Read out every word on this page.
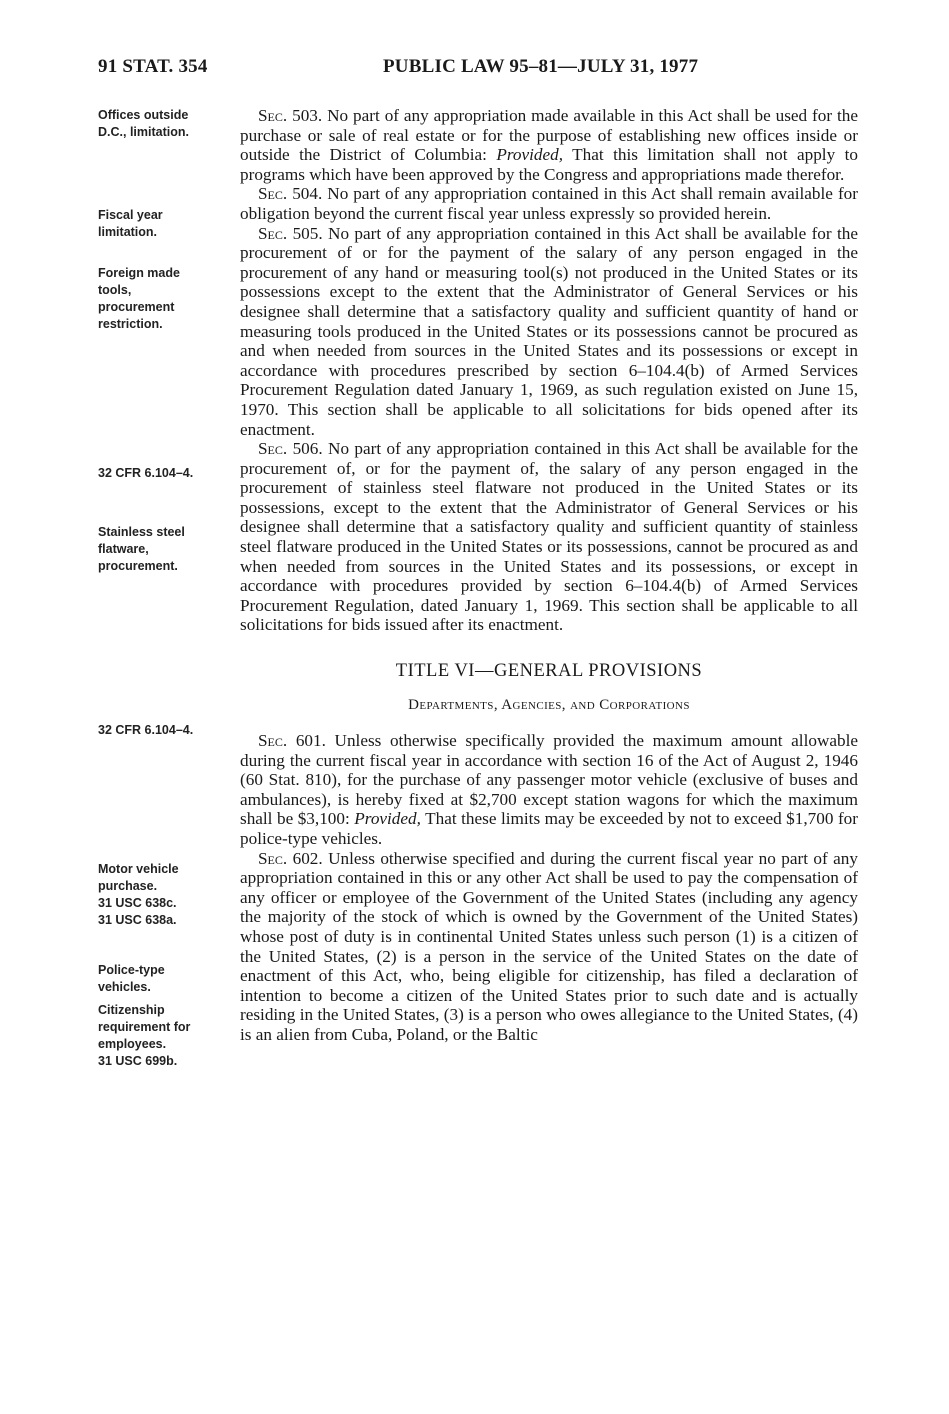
91 STAT. 354	PUBLIC LAW 95–81—JULY 31, 1977
Offices outside
D.C., limitation.
Fiscal year
limitation.
Foreign made
tools,
procurement
restriction.
32 CFR 6.104–4.
Stainless steel
flatware,
procurement.
32 CFR 6.104–4.
Motor vehicle
purchase.
31 USC 638c.
31 USC 638a.
Police-type
vehicles.
Citizenship
requirement for
employees.
31 USC 699b.

Sec. 503. No part of any appropriation made available in this Act shall be used for the purchase or sale of real estate or for the purpose of establishing new offices inside or outside the District of Columbia: Provided, That this limitation shall not apply to programs which have been approved by the Congress and appropriations made therefor.

Sec. 504. No part of any appropriation contained in this Act shall remain available for obligation beyond the current fiscal year unless expressly so provided herein.

Sec. 505. No part of any appropriation contained in this Act shall be available for the procurement of or for the payment of the salary of any person engaged in the procurement of any hand or measuring tool(s) not produced in the United States or its possessions except to the extent that the Administrator of General Services or his designee shall determine that a satisfactory quality and sufficient quantity of hand or measuring tools produced in the United States or its possessions cannot be procured as and when needed from sources in the United States and its possessions or except in accordance with procedures prescribed by section 6–104.4(b) of Armed Services Procurement Regulation dated January 1, 1969, as such regulation existed on June 15, 1970. This section shall be applicable to all solicitations for bids opened after its enactment.

Sec. 506. No part of any appropriation contained in this Act shall be available for the procurement of, or for the payment of, the salary of any person engaged in the procurement of stainless steel flatware not produced in the United States or its possessions, except to the extent that the Administrator of General Services or his designee shall determine that a satisfactory quality and sufficient quantity of stainless steel flatware produced in the United States or its possessions, cannot be procured as and when needed from sources in the United States and its possessions, or except in accordance with procedures provided by section 6–104.4(b) of Armed Services Procurement Regulation, dated January 1, 1969. This section shall be applicable to all solicitations for bids issued after its enactment.

TITLE VI—GENERAL PROVISIONS
Departments, Agencies, and Corporations

Sec. 601. Unless otherwise specifically provided the maximum amount allowable during the current fiscal year in accordance with section 16 of the Act of August 2, 1946 (60 Stat. 810), for the purchase of any passenger motor vehicle (exclusive of buses and ambulances), is hereby fixed at $2,700 except station wagons for which the maximum shall be $3,100: Provided, That these limits may be exceeded by not to exceed $1,700 for police-type vehicles.

Sec. 602. Unless otherwise specified and during the current fiscal year no part of any appropriation contained in this or any other Act shall be used to pay the compensation of any officer or employee of the Government of the United States (including any agency the majority of the stock of which is owned by the Government of the United States) whose post of duty is in continental United States unless such person (1) is a citizen of the United States, (2) is a person in the service of the United States on the date of enactment of this Act, who, being eligible for citizenship, has filed a declaration of intention to become a citizen of the United States prior to such date and is actually residing in the United States, (3) is a person who owes allegiance to the United States, (4) is an alien from Cuba, Poland, or the Baltic
